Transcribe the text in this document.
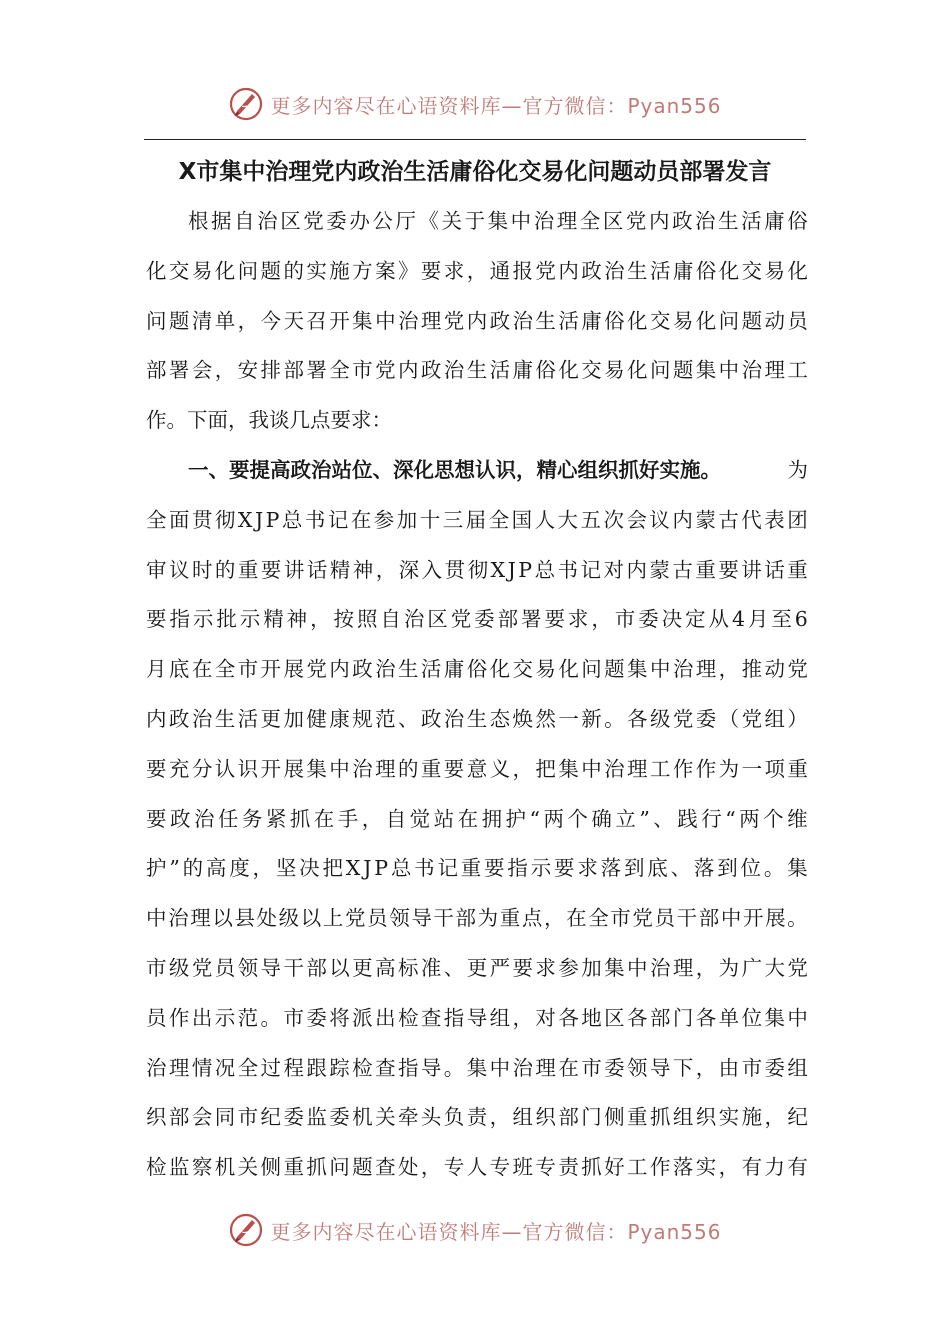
更多内容尽在心语资料库—官方微信：Pyan556
X市集中治理党内政治生活庸俗化交易化问题动员部署发言
根 据 自 治 区 党 委 办 公 厅 《 关 于 集 中 治 理 全 区 党 内 政 治 生 活 庸 俗
化 交 易 化 问 题 的 实 施 方 案 》 要 求 ， 通 报 党 内 政 治 生 活 庸 俗 化 交 易 化
问 题 清 单 ， 今 天 召 开 集 中 治 理 党 内 政 治 生 活 庸 俗 化 交 易 化 问 题 动 员
部 署 会 ， 安 排 部 署 全 市 党 内 政 治 生 活 庸 俗 化 交 易 化 问 题 集 中 治 理 工
作。下面，我谈几点要求：
一、要提高政治站位、深化思想认识，精心组织抓好实施。	为
全 面 贯 彻 X J P 总 书 记 在 参 加 十 三 届 全 国 人 大 五 次 会 议 内 蒙 古 代 表 团
审 议 时 的 重 要 讲 话 精 神 ， 深 入 贯 彻 X J P 总 书 记 对 内 蒙 古 重 要 讲 话 重
要 指 示 批 示 精 神 ， 按 照 自 治 区 党 委 部 署 要 求 ， 市 委 决 定 从 4 月 至 6
月 底 在 全 市 开 展 党 内 政 治 生 活 庸 俗 化 交 易 化 问 题 集 中 治 理 ， 推 动 党
内 政 治 生 活 更 加 健 康 规 范 、 政 治 生 态 焕 然 一 新 。 各 级 党 委 （ 党 组 ）
要 充 分 认 识 开 展 集 中 治 理 的 重 要 意 义 ， 把 集 中 治 理 工 作 作 为 一 项 重
要 政 治 任 务 紧 抓 在 手 ， 自 觉 站 在 拥 护 “ 两 个 确 立 ” 、 践 行 “ 两 个 维
护 ” 的 高 度 ， 坚 决 把 X J P 总 书 记 重 要 指 示 要 求 落 到 底 、 落 到 位 。 集
中 治 理 以 县 处 级 以 上 党 员 领 导 干 部 为 重 点 ， 在 全 市 党 员 干 部 中 开 展 。
市 级 党 员 领 导 干 部 以 更 高 标 准 、 更 严 要 求 参 加 集 中 治 理 ， 为 广 大 党
员 作 出 示 范 。 市 委 将 派 出 检 查 指 导 组 ， 对 各 地 区 各 部 门 各 单 位 集 中
治 理 情 况 全 过 程 跟 踪 检 查 指 导 。 集 中 治 理 在 市 委 领 导 下 ， 由 市 委 组
织 部 会 同 市 纪 委 监 委 机 关 牵 头 负 责 ， 组 织 部 门 侧 重 抓 组 织 实 施 ， 纪
检 监 察 机 关 侧 重 抓 问 题 查 处 ， 专 人 专 班 专 责 抓 好 工 作 落 实 ， 有 力 有
更多内容尽在心语资料库—官方微信：Pyan556
